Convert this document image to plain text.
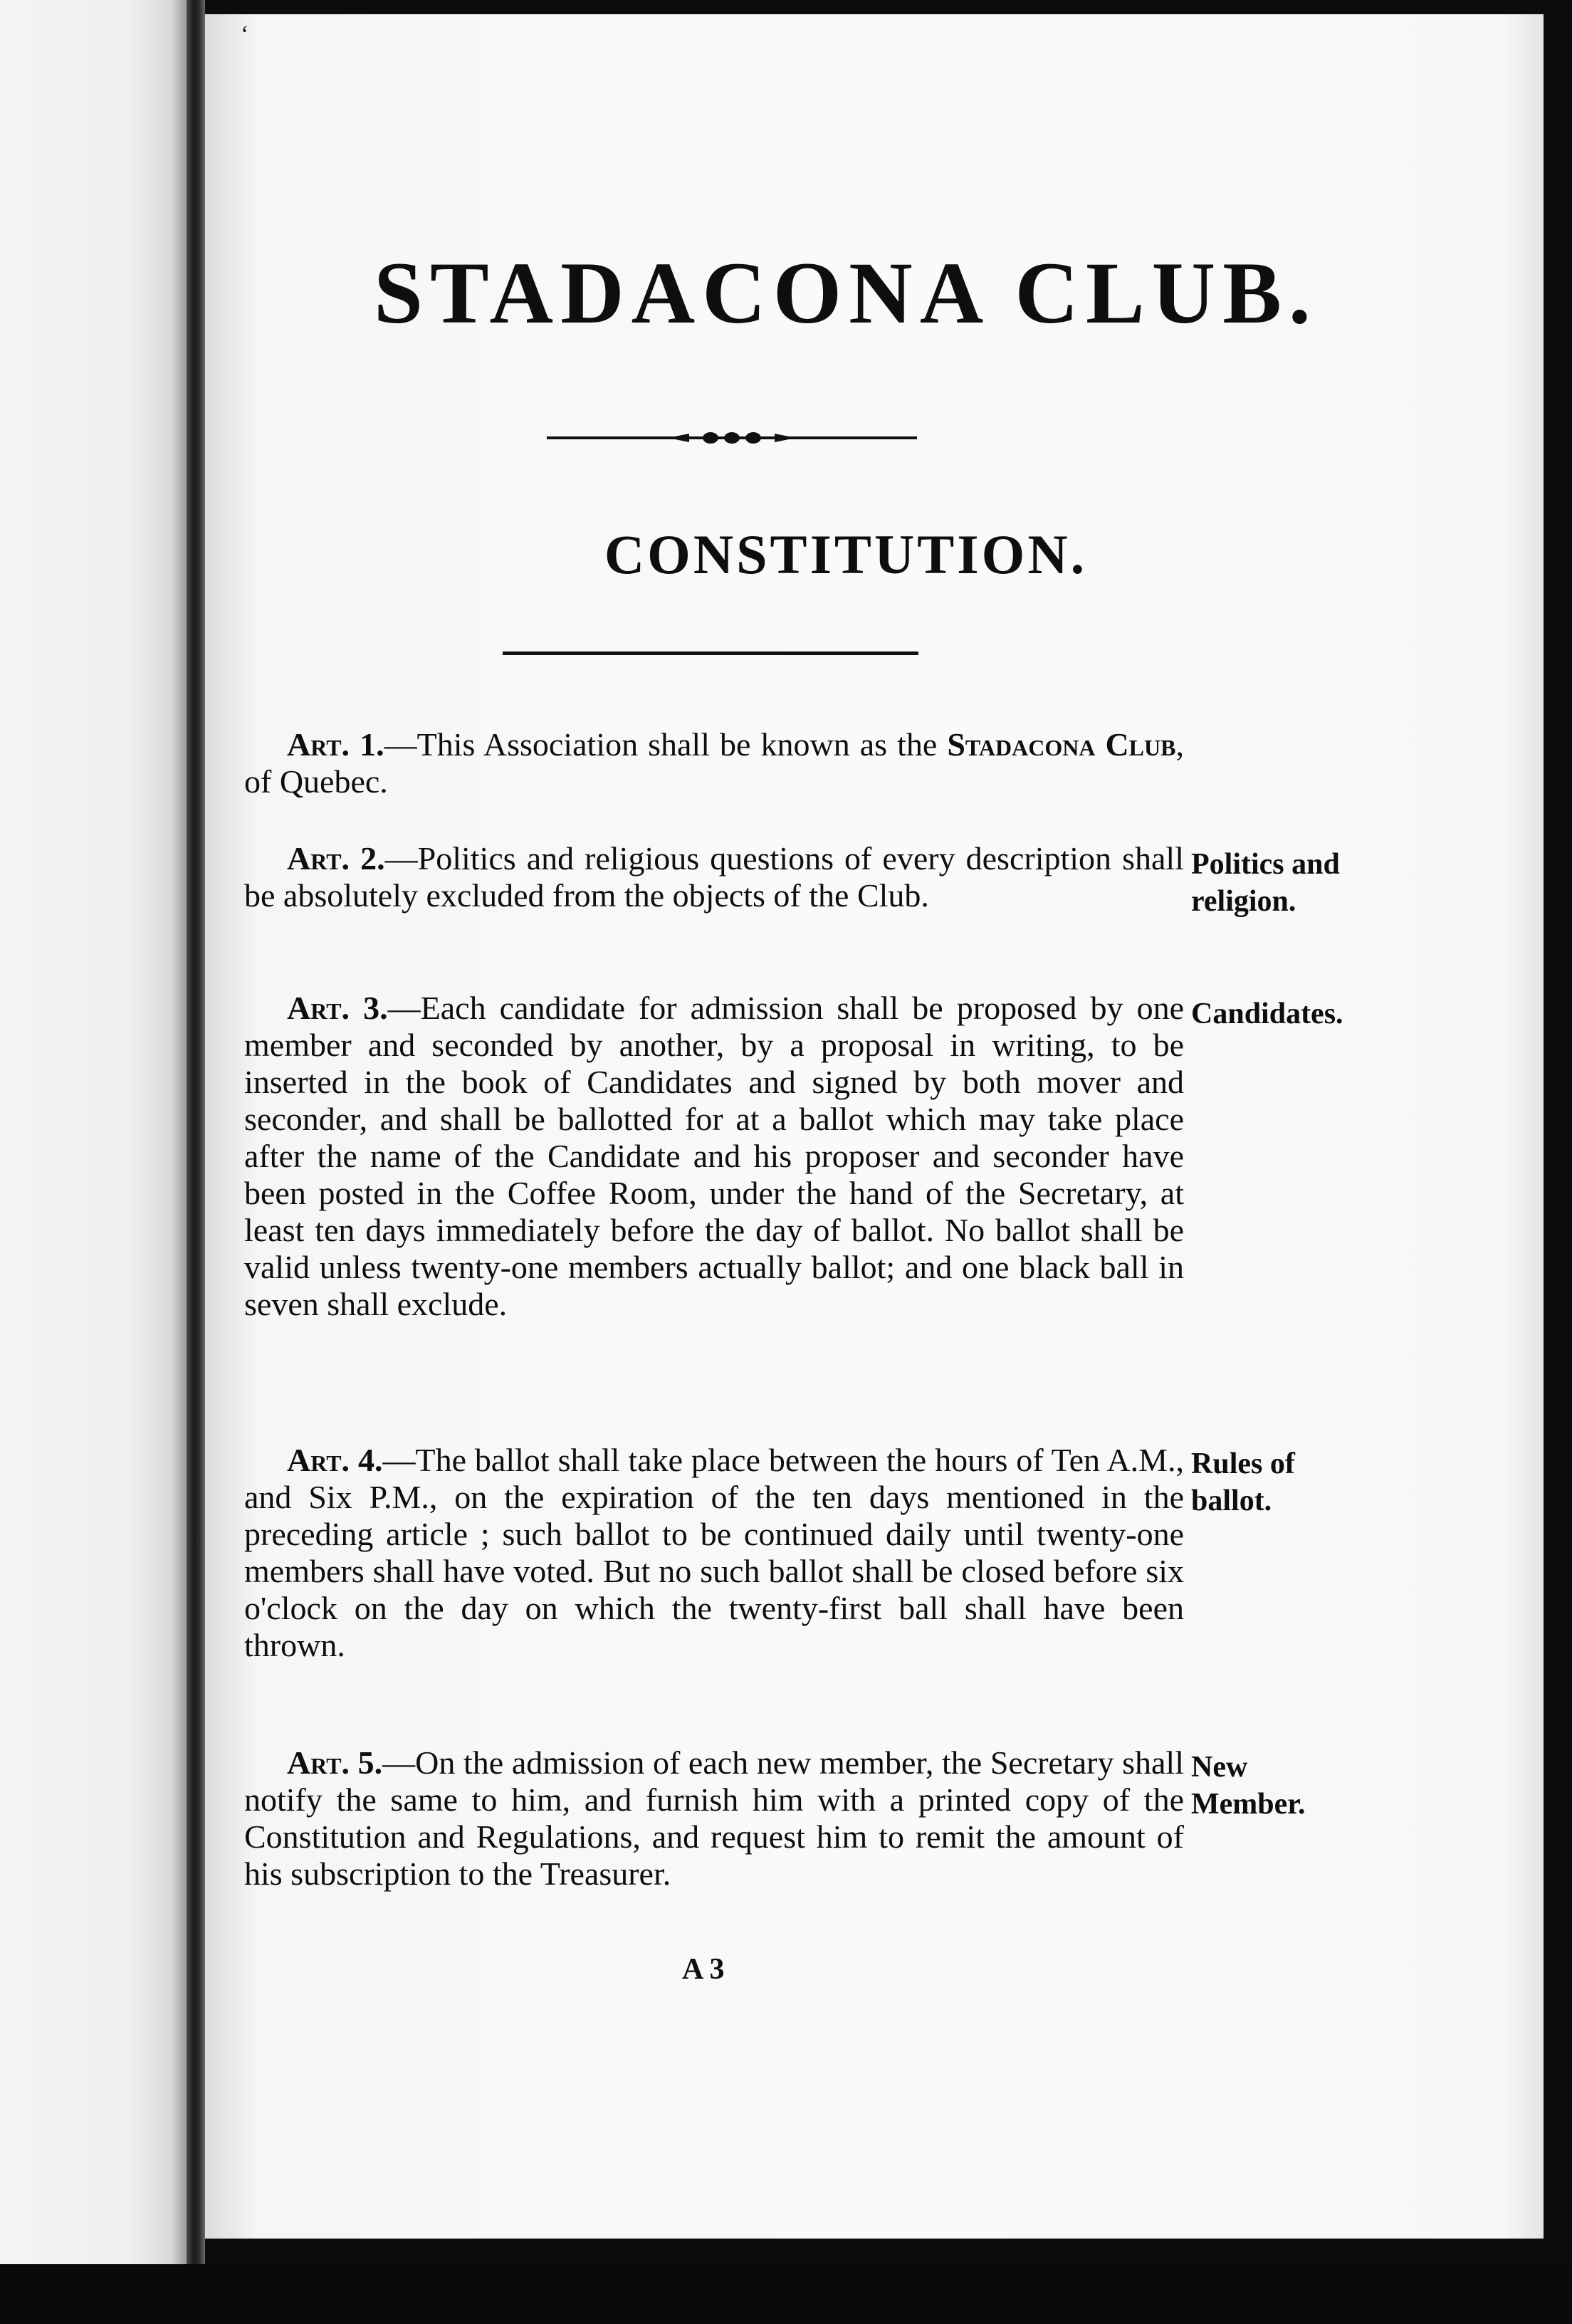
‘
STADACONA CLUB.
CONSTITUTION.

Art. 1.—This Association shall be known as the Stadacona Club, of Quebec.

Art. 2.—Politics and religious questions of every description shall be absolutely excluded from the objects of the Club.

Politics and religion.

Art. 3.—Each candidate for admission shall be proposed by one member and seconded by another, by a proposal in writing, to be inserted in the book of Candidates and signed by both mover and seconder, and shall be ballotted for at a ballot which may take place after the name of the Candidate and his proposer and seconder have been posted in the Coffee Room, under the hand of the Secretary, at least ten days immediately before the day of ballot. No ballot shall be valid unless twenty-one members actually ballot; and one black ball in seven shall exclude.

Candidates.

Art. 4.—The ballot shall take place between the hours of Ten A.M., and Six P.M., on the expiration of the ten days mentioned in the preceding article ; such ballot to be continued daily until twenty-one members shall have voted. But no such ballot shall be closed before six o'clock on the day on which the twenty-first ball shall have been thrown.

Rules of ballot.

Art. 5.—On the admission of each new member, the Secretary shall notify the same to him, and furnish him with a printed copy of the Constitution and Regulations, and request him to remit the amount of his subscription to the Treasurer.

New Member.
A 3
